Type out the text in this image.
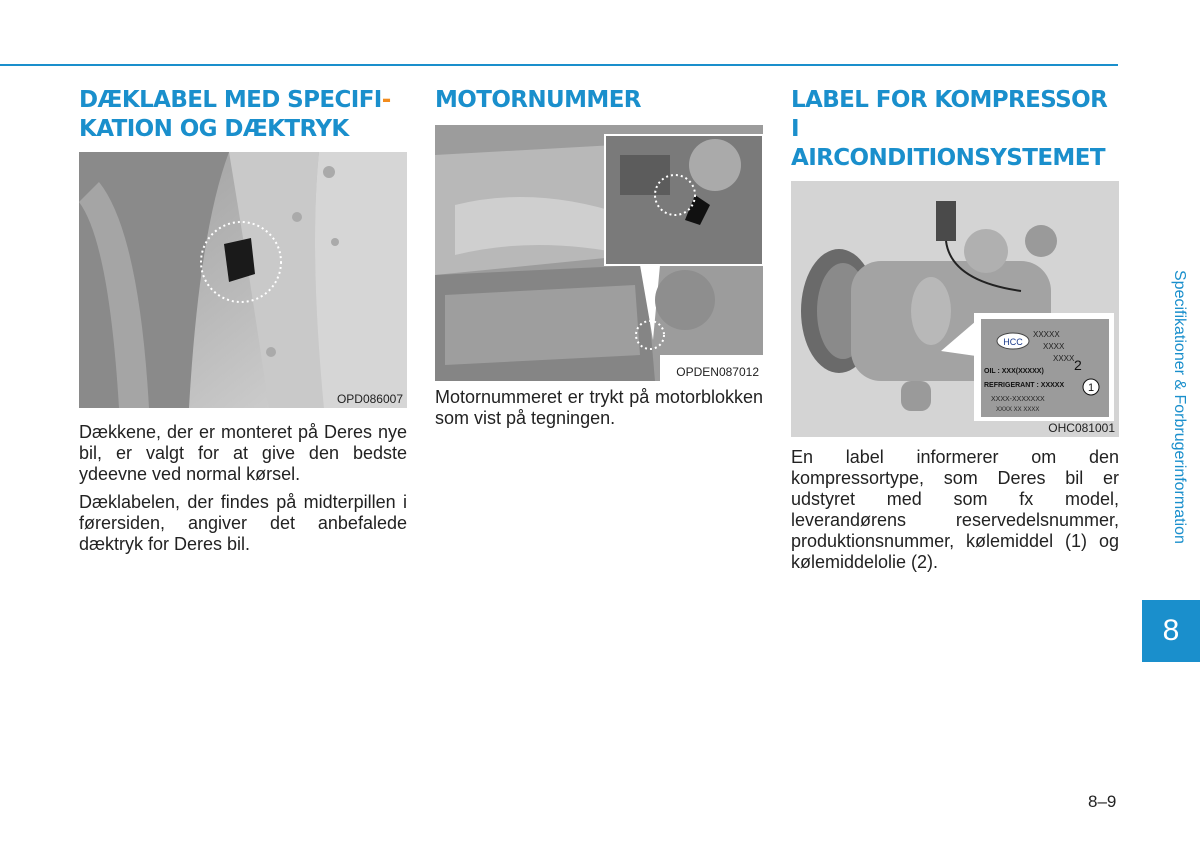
DÆKLABEL MED SPECIFI-
KATION OG DÆKTRYK
OPD086007

Dækkene, der er monteret på Deres nye bil, er valgt for at give den bedste ydeevne ved normal kørsel.

Dæklabelen, der findes på midterpillen i førersiden, angiver det anbefalede dæktryk for Deres bil.

MOTORNUMMER
OPDEN087012

Motornummeret er trykt på motorblokken som vist på tegningen.

LABEL FOR KOMPRESSOR I
AIRCONDITIONSYSTEMET
HCC
XXXXX
XXXX
XXXX
OIL : XXX(XXXXX)
REFRIGERANT : XXXXX
XXXX-XXXXXXX
XXXX XX XXXX
2
1
OHC081001

En label informerer om den kompressortype, som Deres bil er udstyret med som fx model, leverandørens reservedelsnummer, produktionsnummer, kølemiddel (1) og kølemiddelolie (2).

Specifikationer & Forbrugerinformation
8
8–9
